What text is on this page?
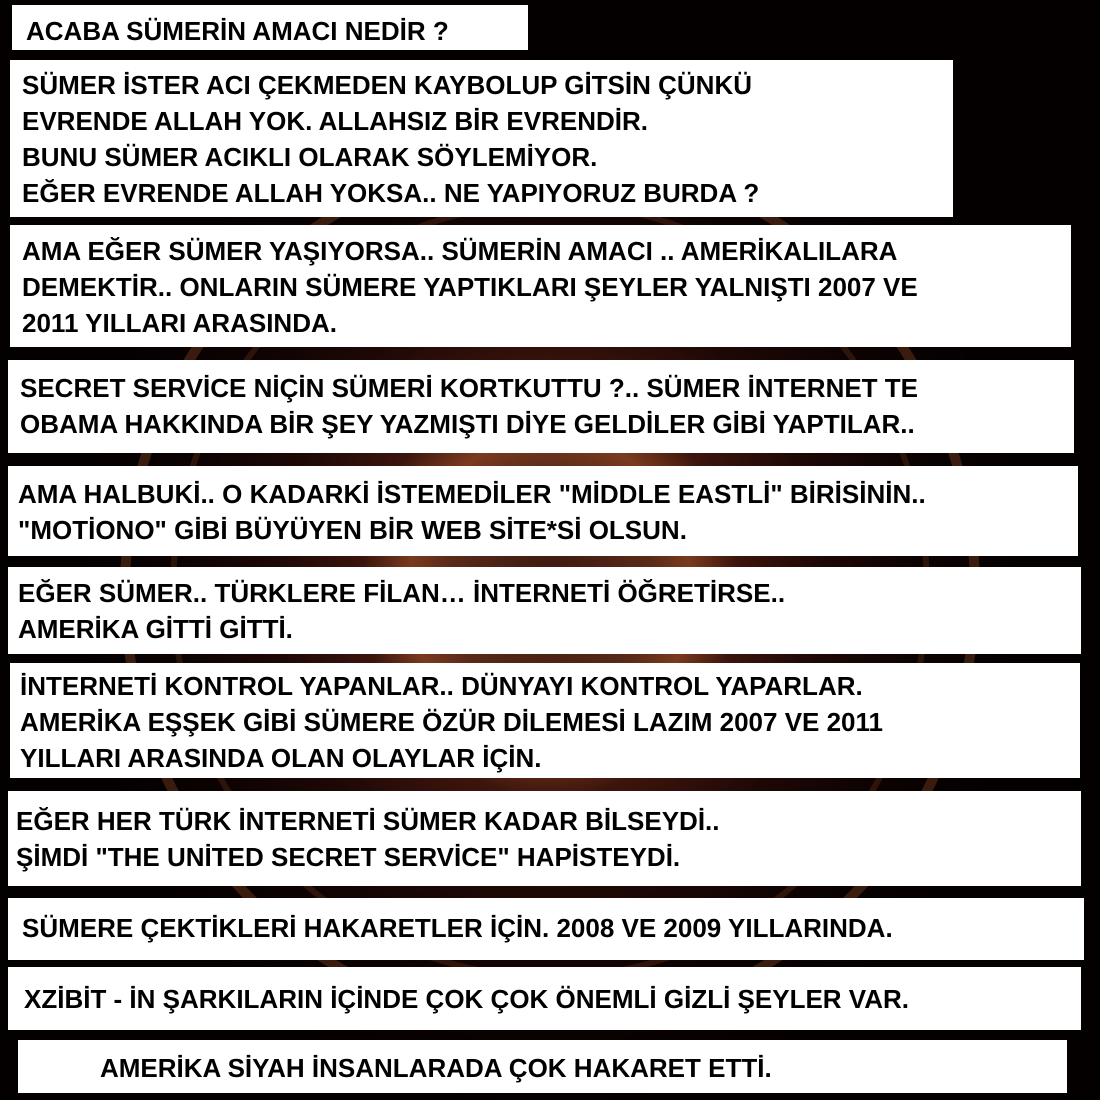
ACABA SÜMERİN AMACI NEDİR ?
SÜMER İSTER ACI ÇEKMEDEN KAYBOLUP GİTSİN ÇÜNKÜ
EVRENDE ALLAH YOK. ALLAHSIZ BİR EVRENDİR.
BUNU SÜMER ACIKLI OLARAK SÖYLEMİYOR.
EĞER EVRENDE ALLAH YOKSA.. NE YAPIYORUZ BURDA ?
AMA EĞER SÜMER YAŞIYORSA.. SÜMERİN AMACI .. AMERİKALILARA
DEMEKTİR.. ONLARIN SÜMERE YAPTIKLARI ŞEYLER YALNIŞTI 2007 VE
2011 YILLARI ARASINDA.
SECRET SERVİCE NİÇİN SÜMERİ KORTKUTTU ?.. SÜMER İNTERNET TE
OBAMA HAKKINDA BİR ŞEY YAZMIŞTI DİYE GELDİLER GİBİ YAPTILAR..
AMA HALBUKİ.. O KADARKİ İSTEMEDİLER "MİDDLE EASTLİ" BİRİSİNİN..
"MOTİONO" GİBİ BÜYÜYEN BİR WEB SİTE*Sİ OLSUN.
EĞER SÜMER.. TÜRKLERE FİLAN… İNTERNETİ ÖĞRETİRSE..
AMERİKA GİTTİ GİTTİ.
İNTERNETİ KONTROL YAPANLAR.. DÜNYAYI KONTROL YAPARLAR.
AMERİKA EŞŞEK GİBİ SÜMERE ÖZÜR DİLEMESİ LAZIM 2007 VE 2011
YILLARI ARASINDA OLAN OLAYLAR İÇİN.
EĞER HER TÜRK İNTERNETİ SÜMER KADAR BİLSEYDİ..
ŞİMDİ "THE UNİTED SECRET SERVİCE" HAPİSTEYDİ.
SÜMERE ÇEKTİKLERİ HAKARETLER İÇİN. 2008 VE 2009 YILLARINDA.
XZİBİT - İN ŞARKILARIN İÇİNDE ÇOK ÇOK ÖNEMLİ GİZLİ ŞEYLER VAR.
AMERİKA SİYAH İNSANLARADA ÇOK HAKARET ETTİ.
